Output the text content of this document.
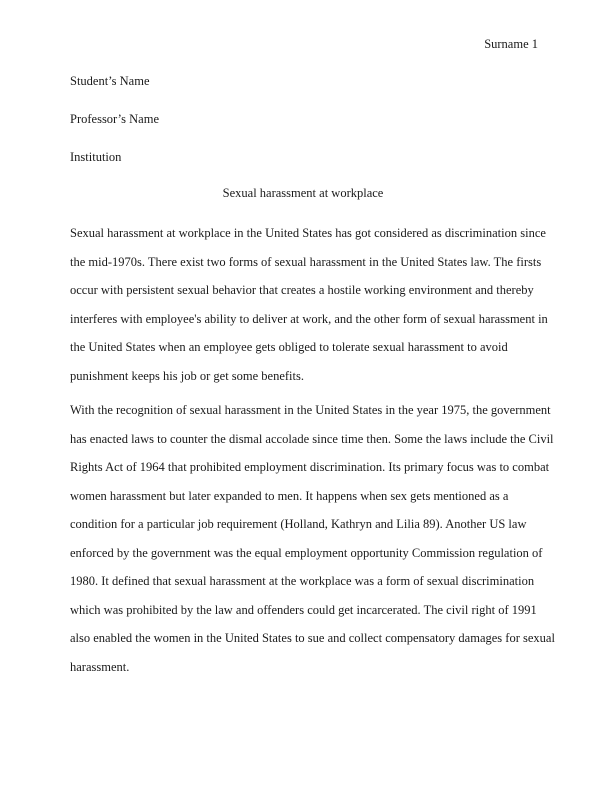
Surname 1
Student’s Name
Professor’s Name
Institution
Sexual harassment at workplace
Sexual harassment at workplace in the United States has got considered as discrimination since
the mid-1970s. There exist two forms of sexual harassment in the United States law. The firsts
occur with persistent sexual behavior that creates a hostile working environment and thereby
interferes with employee's ability to deliver at work, and the other form of sexual harassment in
the United States when an employee gets obliged to tolerate sexual harassment to avoid
punishment keeps his job or get some benefits.
With the recognition of sexual harassment in the United States in the year 1975, the government
has enacted laws to counter the dismal accolade since time then. Some the laws include the Civil
Rights Act of 1964 that prohibited employment discrimination. Its primary focus was to combat
women harassment but later expanded to men. It happens when sex gets mentioned as a
condition for a particular job requirement (Holland, Kathryn and Lilia 89). Another US law
enforced by the government was the equal employment opportunity Commission regulation of
1980. It defined that sexual harassment at the workplace was a form of sexual discrimination
which was prohibited by the law and offenders could get incarcerated. The civil right of 1991
also enabled the women in the United States to sue and collect compensatory damages for sexual
harassment.
